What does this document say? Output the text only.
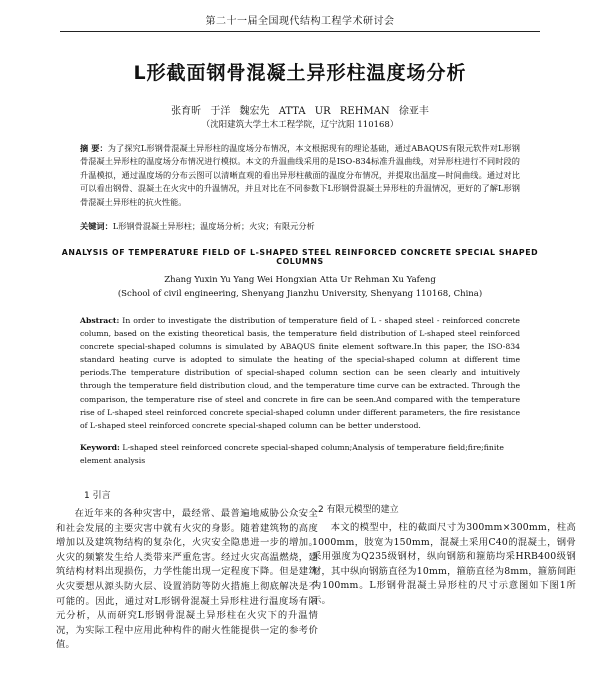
第二十一届全国现代结构工程学术研讨会
L形截面钢骨混凝土异形柱温度场分析
张育昕 于洋 魏宏先 ATTA UR REHMAN 徐亚丰
（沈阳建筑大学土木工程学院，辽宁沈阳 110168）
摘 要：为了探究L形钢骨混凝土异形柱的温度场分布情况，本文根据现有的理论基础，通过ABAQUS有限元软件对L形钢骨混凝土异形柱的温度场分布情况进行模拟。本文的升温曲线采用的是ISO-834标准升温曲线，对异形柱进行不同时段的升温模拟，通过温度场的分布云图可以清晰直观的看出异形柱截面的温度分布情况，并提取出温度—时间曲线。通过对比可以看出钢骨、混凝土在火灾中的升温情况，并且对比在不同参数下L形钢骨混凝土异形柱的升温情况，更好的了解L形钢骨混凝土异形柱的抗火性能。
关键词：L形钢骨混凝土异形柱；温度场分析；火灾；有限元分析
ANALYSIS OF TEMPERATURE FIELD OF L-SHAPED STEEL REINFORCED CONCRETE SPECIAL SHAPED COLUMNS
Zhang Yuxin Yu Yang Wei Hongxian Atta Ur Rehman Xu Yafeng
(School of civil engineering, Shenyang Jianzhu University, Shenyang 110168, China)
Abstract: In order to investigate the distribution of temperature field of L - shaped steel - reinforced concrete column, based on the existing theoretical basis, the temperature field distribution of L-shaped steel reinforced concrete special-shaped columns is simulated by ABAQUS finite element software.In this paper, the ISO-834 standard heating curve is adopted to simulate the heating of the special-shaped column at different time periods.The temperature distribution of special-shaped column section can be seen clearly and intuitively through the temperature field distribution cloud, and the temperature time curve can be extracted. Through the comparison, the temperature rise of steel and concrete in fire can be seen.And compared with the temperature rise of L-shaped steel reinforced concrete special-shaped column under different parameters, the fire resistance of L-shaped steel reinforced concrete special-shaped column can be better understood.
Keyword: L-shaped steel reinforced concrete special-shaped column;Analysis of temperature field;fire;finite element analysis
1 引言

在近年来的各种灾害中，最经常、最普遍地威胁公众安全和社会发展的主要灾害中就有火灾的身影。随着建筑物的高度增加以及建筑物结构的复杂化，火灾安全隐患进一步的增加。火灾的频繁发生给人类带来严重危害。经过火灾高温燃烧，建筑结构材料出现损伤，力学性能出现一定程度下降。但是建筑火灾要想从源头防火层、设置消防等防火措施上彻底解决是不可能的。因此，通过对L形钢骨混凝土异形柱进行温度场有限元分析，从而研究L形钢骨混凝土异形柱在火灾下的升温情况，为实际工程中应用此种构件的耐火性能提供一定的参考价值。

2 有限元模型的建立

本文的模型中，柱的截面尺寸为300mm×300mm，柱高1000mm，肢宽为150mm，混凝土采用C40的混凝土，钢骨采用强度为Q235级钢材，纵向钢筋和箍筋均采HRB400级钢材，其中纵向钢筋直径为10mm，箍筋直径为8mm，箍筋间距为100mm。L形钢骨混凝土异形柱的尺寸示意图如下图1所示。
